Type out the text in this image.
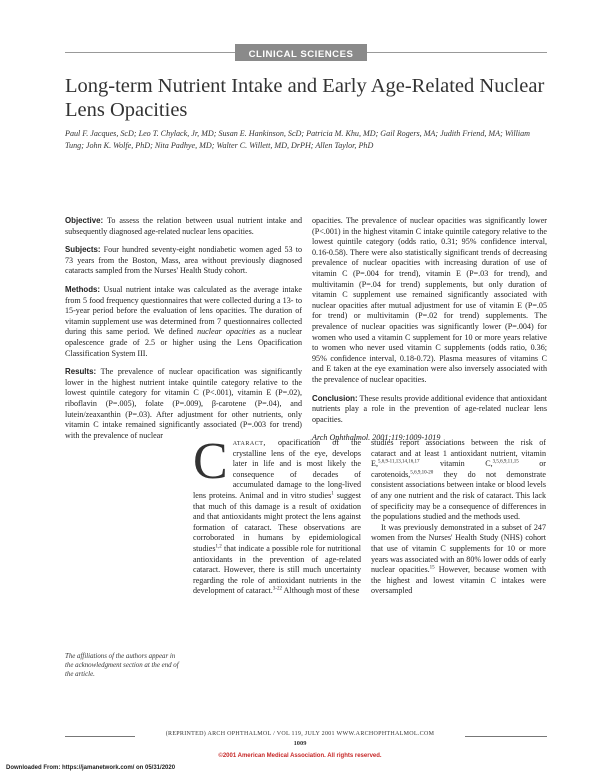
CLINICAL SCIENCES
Long-term Nutrient Intake and Early Age-Related Nuclear Lens Opacities
Paul F. Jacques, ScD; Leo T. Chylack, Jr, MD; Susan E. Hankinson, ScD; Patricia M. Khu, MD; Gail Rogers, MA; Judith Friend, MA; William Tung; John K. Wolfe, PhD; Nita Padhye, MD; Walter C. Willett, MD, DrPH; Allen Taylor, PhD

Objective: To assess the relation between usual nutrient intake and subsequently diagnosed age-related nuclear lens opacities.

Subjects: Four hundred seventy-eight nondiabetic women aged 53 to 73 years from the Boston, Mass, area without previously diagnosed cataracts sampled from the Nurses' Health Study cohort.

Methods: Usual nutrient intake was calculated as the average intake from 5 food frequency questionnaires that were collected during a 13- to 15-year period before the evaluation of lens opacities. The duration of vitamin supplement use was determined from 7 questionnaires collected during this same period. We defined nuclear opacities as a nuclear opalescence grade of 2.5 or higher using the Lens Opacification Classification System III.

Results: The prevalence of nuclear opacification was significantly lower in the highest nutrient intake quintile category relative to the lowest quintile category for vitamin C (P<.001), vitamin E (P=.02), riboflavin (P=.005), folate (P=.009), β-carotene (P=.04), and lutein/zeaxanthin (P=.03). After adjustment for other nutrients, only vitamin C intake remained significantly associated (P=.003 for trend) with the prevalence of nuclear

opacities. The prevalence of nuclear opacities was significantly lower (P<.001) in the highest vitamin C intake quintile category relative to the lowest quintile category (odds ratio, 0.31; 95% confidence interval, 0.16-0.58). There were also statistically significant trends of decreasing prevalence of nuclear opacities with increasing duration of use of vitamin C (P=.004 for trend), vitamin E (P=.03 for trend), and multivitamin (P=.04 for trend) supplements, but only duration of vitamin C supplement use remained significantly associated with nuclear opacities after mutual adjustment for use of vitamin E (P=.05 for trend) or multivitamin (P=.02 for trend) supplements. The prevalence of nuclear opacities was significantly lower (P=.004) for women who used a vitamin C supplement for 10 or more years relative to women who never used vitamin C supplements (odds ratio, 0.36; 95% confidence interval, 0.18-0.72). Plasma measures of vitamins C and E taken at the eye examination were also inversely associated with the prevalence of nuclear opacities.

Conclusion: These results provide additional evidence that antioxidant nutrients play a role in the prevention of age-related nuclear lens opacities.

Arch Ophthalmol. 2001;119:1009-1019

The affiliations of the authors appear in the acknowledgment section at the end of the article.

Cataract, opacification of the crystalline lens of the eye, develops later in life and is most likely the consequence of decades of accumulated damage to the long-lived lens proteins. Animal and in vitro studies$^1$ suggest that much of this damage is a result of oxidation and that antioxidants might protect the lens against formation of cataract. These observations are corroborated in humans by epidemiological studies$^{1,2}$ that indicate a possible role for nutritional antioxidants in the prevention of age-related cataract. However, there is still much uncertainty regarding the role of antioxidant nutrients in the development of cataract.$^{3-22}$ Although most of these

studies report associations between the risk of cataract and at least 1 antioxidant nutrient, vitamin E,$^{5,6,9-11,13,14,16,17}$ vitamin C,$^{3,5,6,9,11,15}$ or carotenoids,$^{5,6,9,10-20}$ they do not demonstrate consistent associations between intake or blood levels of any one nutrient and the risk of cataract. This lack of specificity may be a consequence of differences in the populations studied and the methods used.

It was previously demonstrated in a subset of 247 women from the Nurses' Health Study (NHS) cohort that use of vitamin C supplements for 10 or more years was associated with an 80% lower odds of early nuclear opacities.$^{15}$ However, because women with the highest and lowest vitamin C intakes were oversampled

(REPRINTED) ARCH OPHTHALMOL / VOL 119, JULY 2001 WWW.ARCHOPHTHALMOL.COM
1009
©2001 American Medical Association. All rights reserved.
Downloaded From: https://jamanetwork.com/ on 05/31/2020
